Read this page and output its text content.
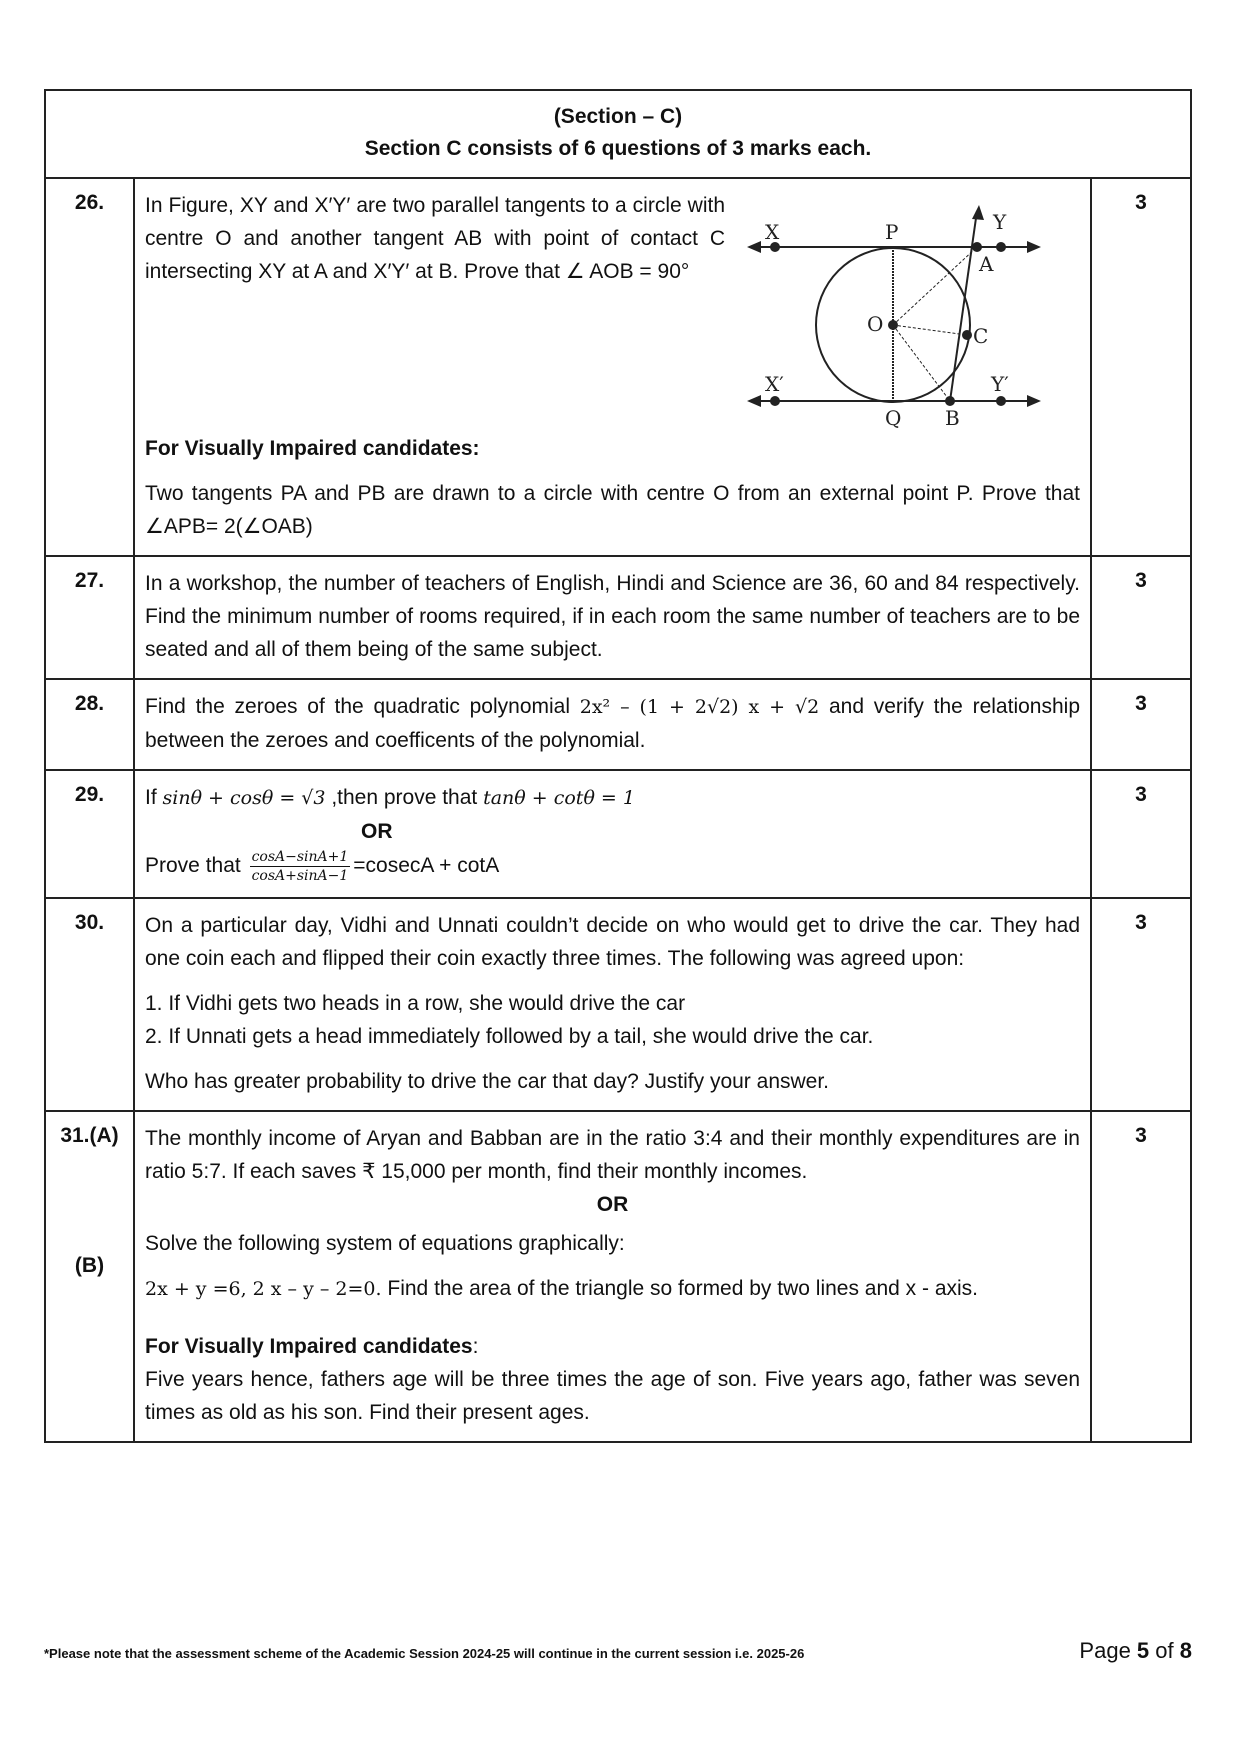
(Section – C)
Section C consists of 6 questions of 3 marks each.
26.	In Figure, XY and X′Y′ are two parallel tangents to a circle with centre O and another tangent AB with point of contact C intersecting XY at A and X′Y′ at B. Prove that ∠ AOB = 90°
X	Y
P
A
O	C
X′	Y′
Q B
For Visually Impaired candidates:
Two tangents PA and PB are drawn to a circle with centre O from an external point P. Prove that ∠APB= 2(∠OAB)
3
27.	In a workshop, the number of teachers of English, Hindi and Science are 36, 60 and 84 respectively. Find the minimum number of rooms required, if in each room the same number of teachers are to be seated and all of them being of the same subject.
3
28.	Find the zeroes of the quadratic polynomial 2x² – (1 + 2√2) x + √2 and verify the relationship between the zeroes and coefficents of the polynomial.
3
29.	If sinθ + cosθ = √3 ,then prove that tanθ + cotθ = 1
OR
Prove that $\frac{\cos A-\sin A+1}{\cos A+\sin A-1} =cosecA + \cot A$
3
30.	On a particular day, Vidhi and Unnati couldn’t decide on who would get to drive the car. They had one coin each and flipped their coin exactly three times. The following was agreed upon:
1. If Vidhi gets two heads in a row, she would drive the car
2. If Unnati gets a head immediately followed by a tail, she would drive the car.
Who has greater probability to drive the car that day? Justify your answer.
3
31.(A)
(B)
The monthly income of Aryan and Babban are in the ratio 3:4 and their monthly expenditures are in ratio 5:7. If each saves ₹ 15,000 per month, find their monthly incomes.
OR
Solve the following system of equations graphically:
2x + y =6, 2 x – y – 2=0. Find the area of the triangle so formed by two lines and x - axis.
For Visually Impaired candidates:
Five years hence, fathers age will be three times the age of son. Five years ago, father was seven times as old as his son. Find their present ages.
3
*Please note that the assessment scheme of the Academic Session 2024-25 will continue in the current session i.e. 2025-26	Page 5 of 8
